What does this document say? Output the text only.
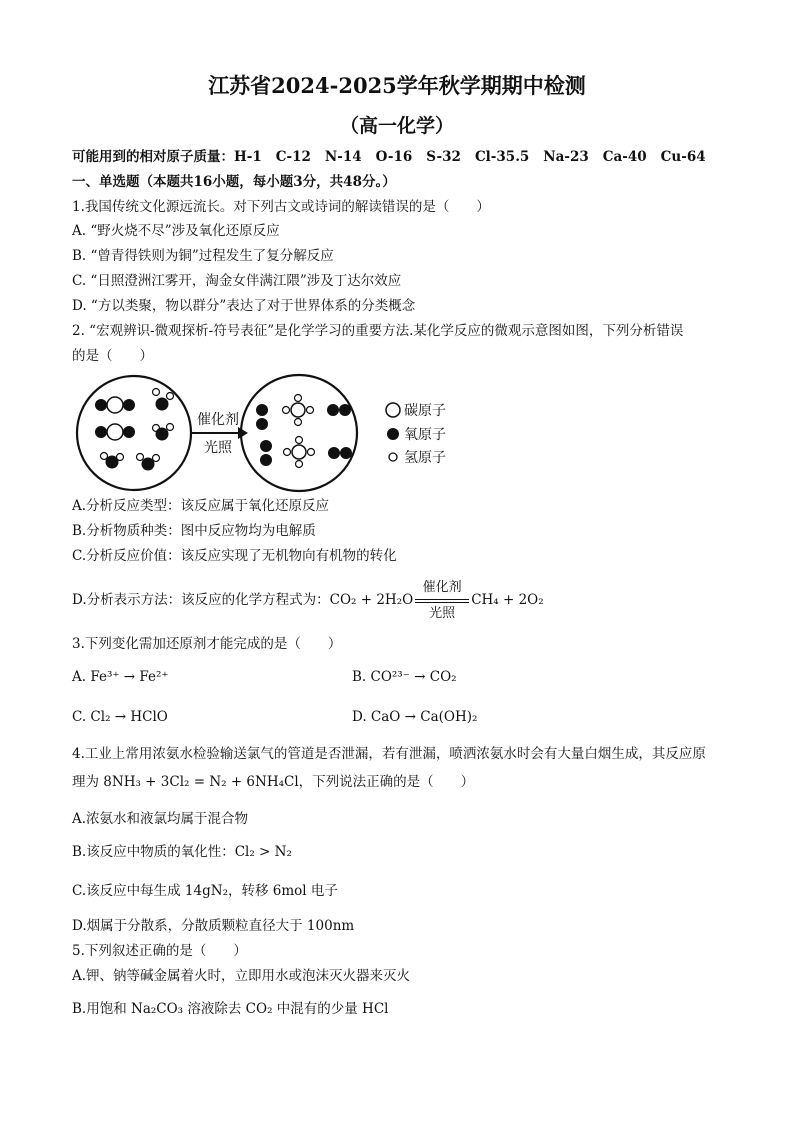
江苏省2024-2025学年秋学期期中检测
（高一化学）
可能用到的相对原子质量：H-1 C-12 N-14 O-16 S-32 Cl-35.5 Na-23 Ca-40 Cu-64
一、单选题（本题共16小题，每小题3分，共48分。）
1.我国传统文化源远流长。对下列古文或诗词的解读错误的是（　　）
A. “野火烧不尽”涉及氧化还原反应
B. “曾青得铁则为铜”过程发生了复分解反应
C. “日照澄洲江雾开，淘金女伴满江隈”涉及丁达尔效应
D. “方以类聚，物以群分”表达了对于世界体系的分类概念
2. “宏观辨识-微观探析-符号表征”是化学学习的重要方法.某化学反应的微观示意图如图，下列分析错误
的是（　　）
催化剂
光照
碳原子
氧原子
氢原子
A.分析反应类型：该反应属于氧化还原反应
B.分析物质种类：图中反应物均为电解质
C.分析反应价值：该反应实现了无机物向有机物的转化
D.分析表示方法：该反应的化学方程式为：$CO_2 + 2H_2O \frac{\text{催化剂}}{\text{光照}} CH_4 + 2O_2$
3.下列变化需加还原剂才能完成的是（　　）
A. Fe³⁺ → Fe²⁺	B. CO²³⁻ → CO₂
C. Cl₂ → HClO	D. CaO → Ca(OH)₂
4.工业上常用浓氨水检验输送氯气的管道是否泄漏，若有泄漏，喷洒浓氨水时会有大量白烟生成，其反应原
理为 8NH₃ + 3Cl₂ = N₂ + 6NH₄Cl，下列说法正确的是（　　）
A.浓氨水和液氯均属于混合物
B.该反应中物质的氧化性：Cl₂ > N₂
C.该反应中每生成 14gN₂，转移 6mol 电子
D.烟属于分散系，分散质颗粒直径大于 100nm
5.下列叙述正确的是（　　）
A.钾、钠等碱金属着火时，立即用水或泡沫灭火器来灭火
B.用饱和 Na₂CO₃ 溶液除去 CO₂ 中混有的少量 HCl
